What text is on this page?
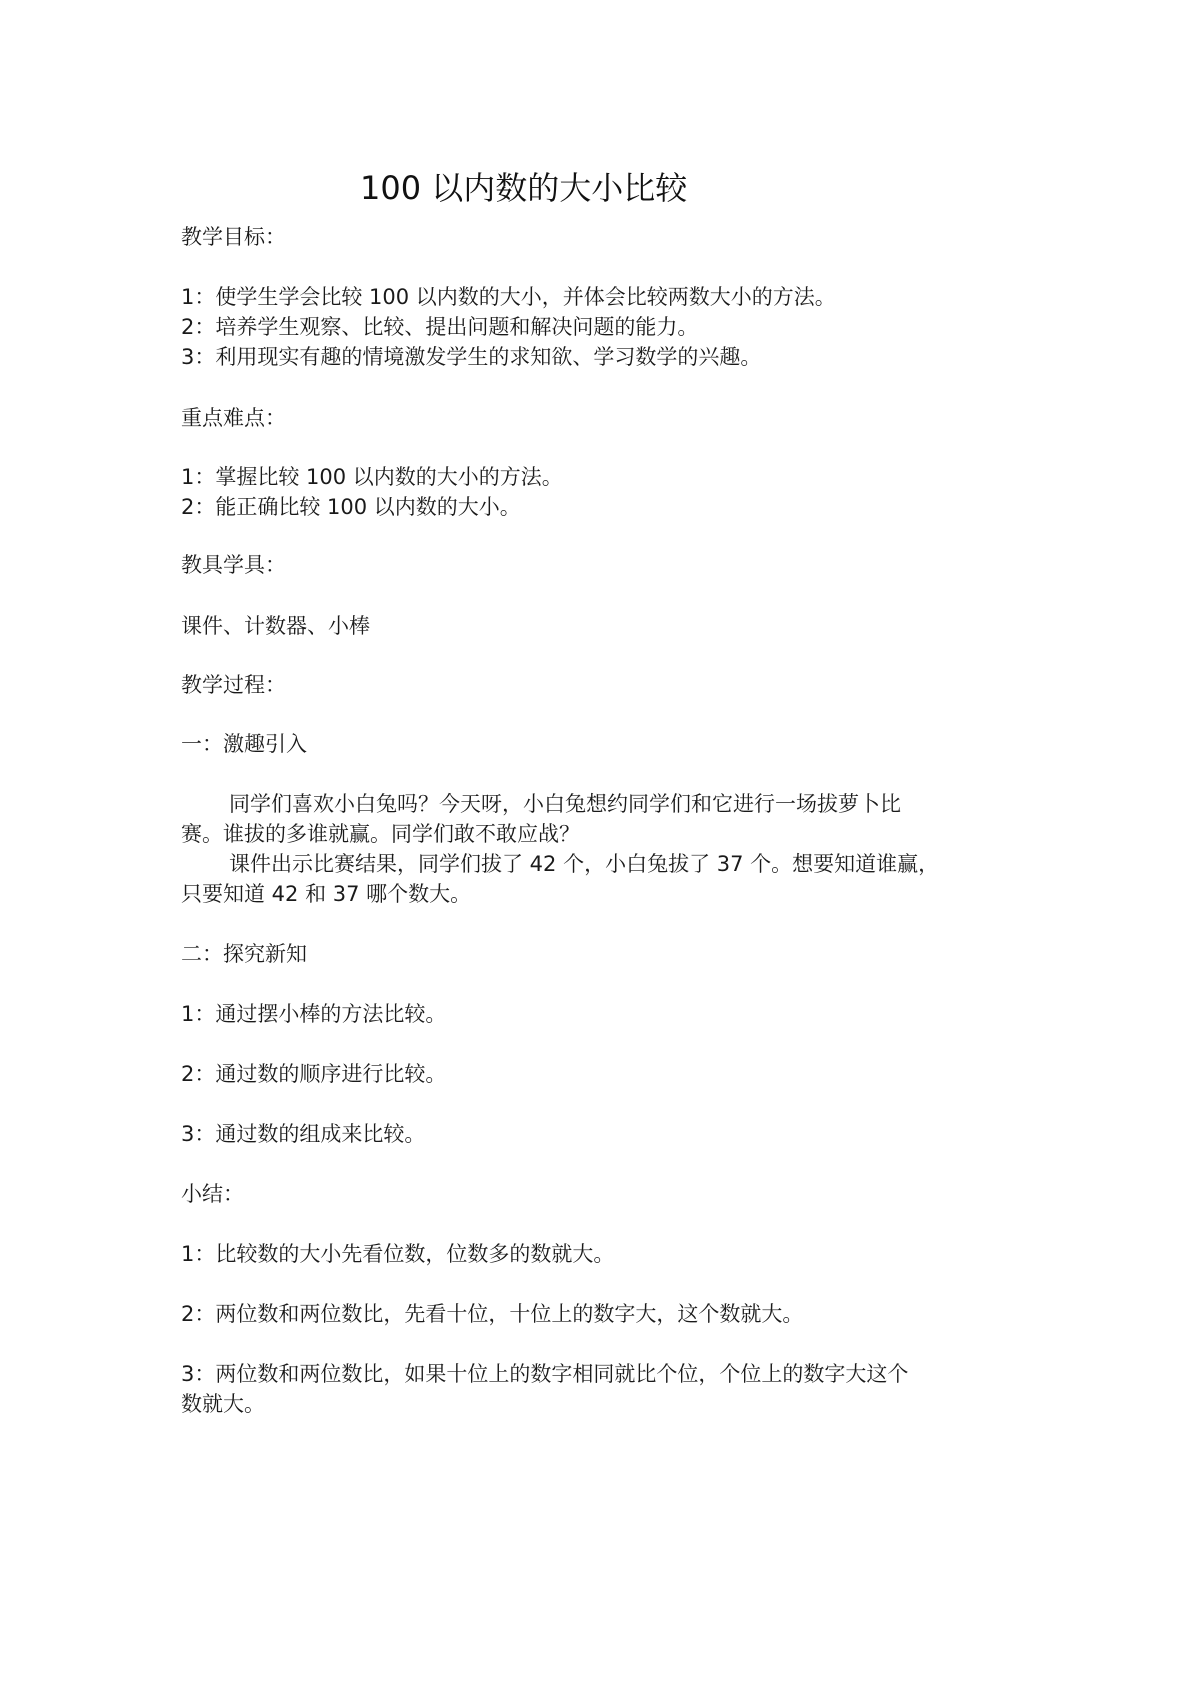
100 以内数的大小比较
教学目标：
1：使学生学会比较 100 以内数的大小，并体会比较两数大小的方法。
2：培养学生观察、比较、提出问题和解决问题的能力。
3：利用现实有趣的情境激发学生的求知欲、学习数学的兴趣。
重点难点：
1：掌握比较 100 以内数的大小的方法。
2：能正确比较 100 以内数的大小。
教具学具：
课件、计数器、小棒
教学过程：
一：激趣引入
同学们喜欢小白兔吗？今天呀，小白兔想约同学们和它进行一场拔萝卜比
赛。谁拔的多谁就赢。同学们敢不敢应战？
课件出示比赛结果，同学们拔了 42 个，小白兔拔了 37 个。想要知道谁赢，
只要知道 42 和 37 哪个数大。
二：探究新知
1：通过摆小棒的方法比较。
2：通过数的顺序进行比较。
3：通过数的组成来比较。
小结：
1：比较数的大小先看位数，位数多的数就大。
2：两位数和两位数比，先看十位，十位上的数字大，这个数就大。
3：两位数和两位数比，如果十位上的数字相同就比个位，个位上的数字大这个
数就大。
